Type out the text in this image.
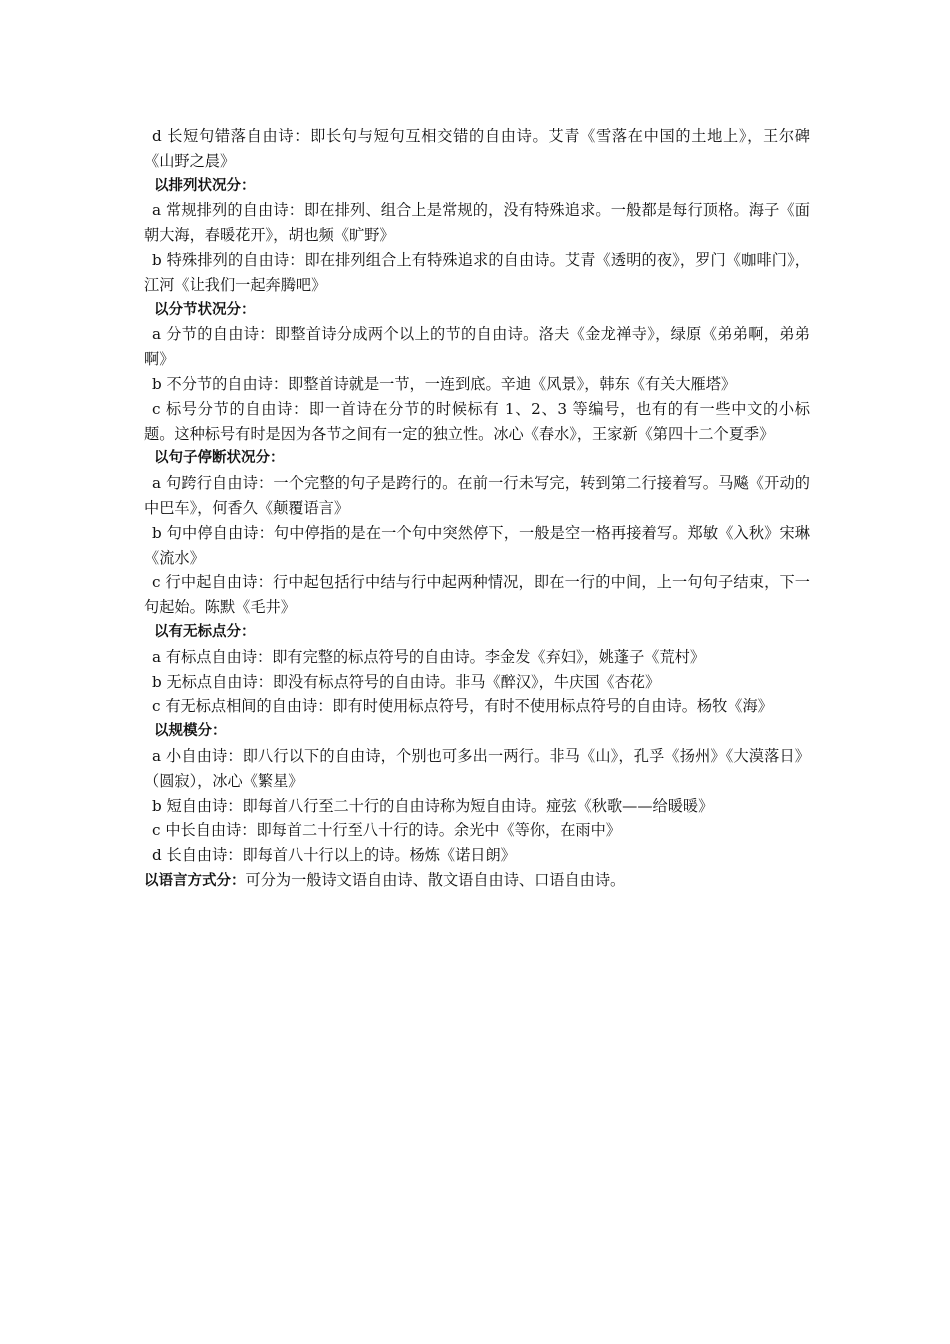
d 长短句错落自由诗：即长句与短句互相交错的自由诗。艾青《雪落在中国的土地上》，王尔碑《山野之晨》

以排列状况分：

a 常规排列的自由诗：即在排列、组合上是常规的，没有特殊追求。一般都是每行顶格。海子《面朝大海，春暖花开》，胡也频《旷野》

b 特殊排列的自由诗：即在排列组合上有特殊追求的自由诗。艾青《透明的夜》，罗门《咖啡门》，江河《让我们一起奔腾吧》

以分节状况分：

a 分节的自由诗：即整首诗分成两个以上的节的自由诗。洛夫《金龙禅寺》，绿原《弟弟啊，弟弟啊》

b 不分节的自由诗：即整首诗就是一节，一连到底。辛迪《风景》，韩东《有关大雁塔》

c 标号分节的自由诗：即一首诗在分节的时候标有 1、2、3 等编号，也有的有一些中文的小标题。这种标号有时是因为各节之间有一定的独立性。冰心《春水》，王家新《第四十二个夏季》

以句子停断状况分：

a 句跨行自由诗：一个完整的句子是跨行的。在前一行未写完，转到第二行接着写。马飚《开动的中巴车》，何香久《颠覆语言》

b 句中停自由诗：句中停指的是在一个句中突然停下，一般是空一格再接着写。郑敏《入秋》宋琳《流水》

c 行中起自由诗：行中起包括行中结与行中起两种情况，即在一行的中间，上一句句子结束，下一句起始。陈默《毛井》

以有无标点分：

a 有标点自由诗：即有完整的标点符号的自由诗。李金发《弃妇》，姚蓬子《荒村》

b 无标点自由诗：即没有标点符号的自由诗。非马《醉汉》，牛庆国《杏花》

c 有无标点相间的自由诗：即有时使用标点符号，有时不使用标点符号的自由诗。杨牧《海》

以规模分：

a 小自由诗：即八行以下的自由诗，个别也可多出一两行。非马《山》，孔孚《扬州》《大漠落日》（圆寂），冰心《繁星》

b 短自由诗：即每首八行至二十行的自由诗称为短自由诗。痖弦《秋歌——给暖暖》

c 中长自由诗：即每首二十行至八十行的诗。余光中《等你，在雨中》

d 长自由诗：即每首八十行以上的诗。杨炼《诺日朗》

以语言方式分：可分为一般诗文语自由诗、散文语自由诗、口语自由诗。
